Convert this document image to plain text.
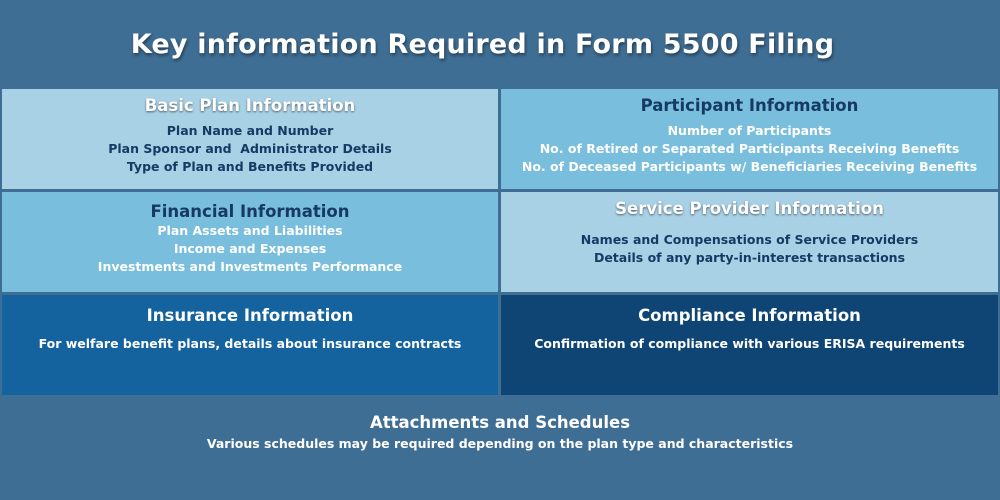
Key information Required in Form 5500 Filing
Basic Plan Information
Plan Name and Number
Plan Sponsor and  Administrator Details
Type of Plan and Benefits Provided
Participant Information
Number of Participants
No. of Retired or Separated Participants Receiving Benefits
No. of Deceased Participants w/ Beneficiaries Receiving Benefits
Financial Information
Plan Assets and Liabilities
Income and Expenses
Investments and Investments Performance
Service Provider Information
Names and Compensations of Service Providers
Details of any party-in-interest transactions
Insurance Information
For welfare benefit plans, details about insurance contracts
Compliance Information
Confirmation of compliance with various ERISA requirements
Attachments and Schedules
Various schedules may be required depending on the plan type and characteristics
